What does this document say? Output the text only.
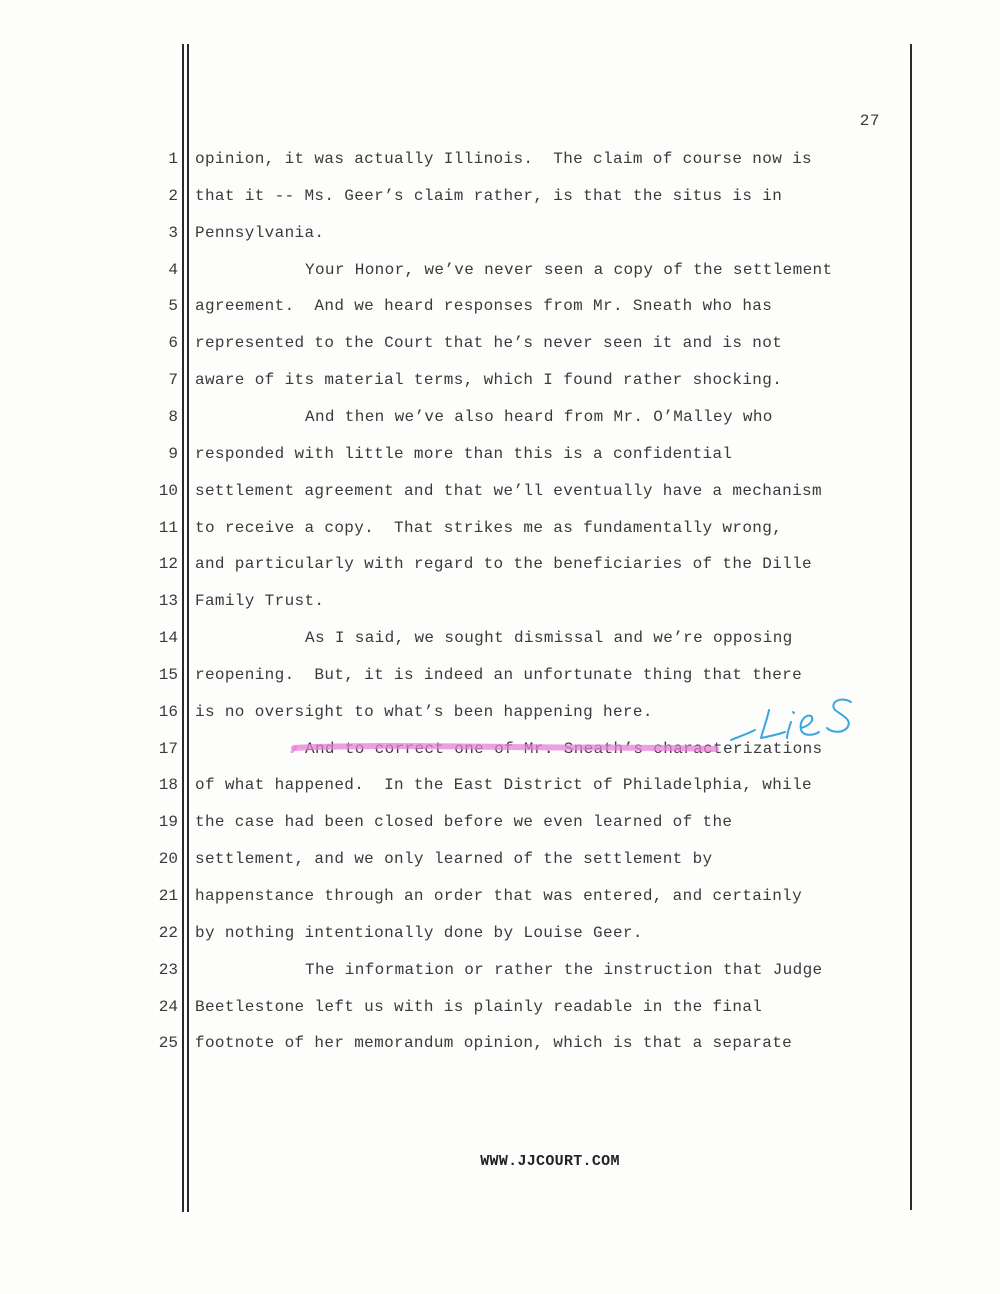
27
1 opinion, it was actually Illinois.  The claim of course now is
2 that it -- Ms. Geer’s claim rather, is that the situs is in
3 Pennsylvania.
4	Your Honor, we’ve never seen a copy of the settlement
5 agreement.  And we heard responses from Mr. Sneath who has
6 represented to the Court that he’s never seen it and is not
7 aware of its material terms, which I found rather shocking.
8	And then we’ve also heard from Mr. O’Malley who
9 responded with little more than this is a confidential
10 settlement agreement and that we’ll eventually have a mechanism
11 to receive a copy.  That strikes me as fundamentally wrong,
12 and particularly with regard to the beneficiaries of the Dille
13 Family Trust.
14	As I said, we sought dismissal and we’re opposing
15 reopening.  But, it is indeed an unfortunate thing that there
16 is no oversight to what’s been happening here.
17	And to correct one of Mr. Sneath’s characterizations
18 of what happened.  In the East District of Philadelphia, while
19 the case had been closed before we even learned of the
20 settlement, and we only learned of the settlement by
21 happenstance through an order that was entered, and certainly
22 by nothing intentionally done by Louise Geer.
23	The information or rather the instruction that Judge
24 Beetlestone left us with is plainly readable in the final
25 footnote of her memorandum opinion, which is that a separate
WWW.JJCOURT.COM
